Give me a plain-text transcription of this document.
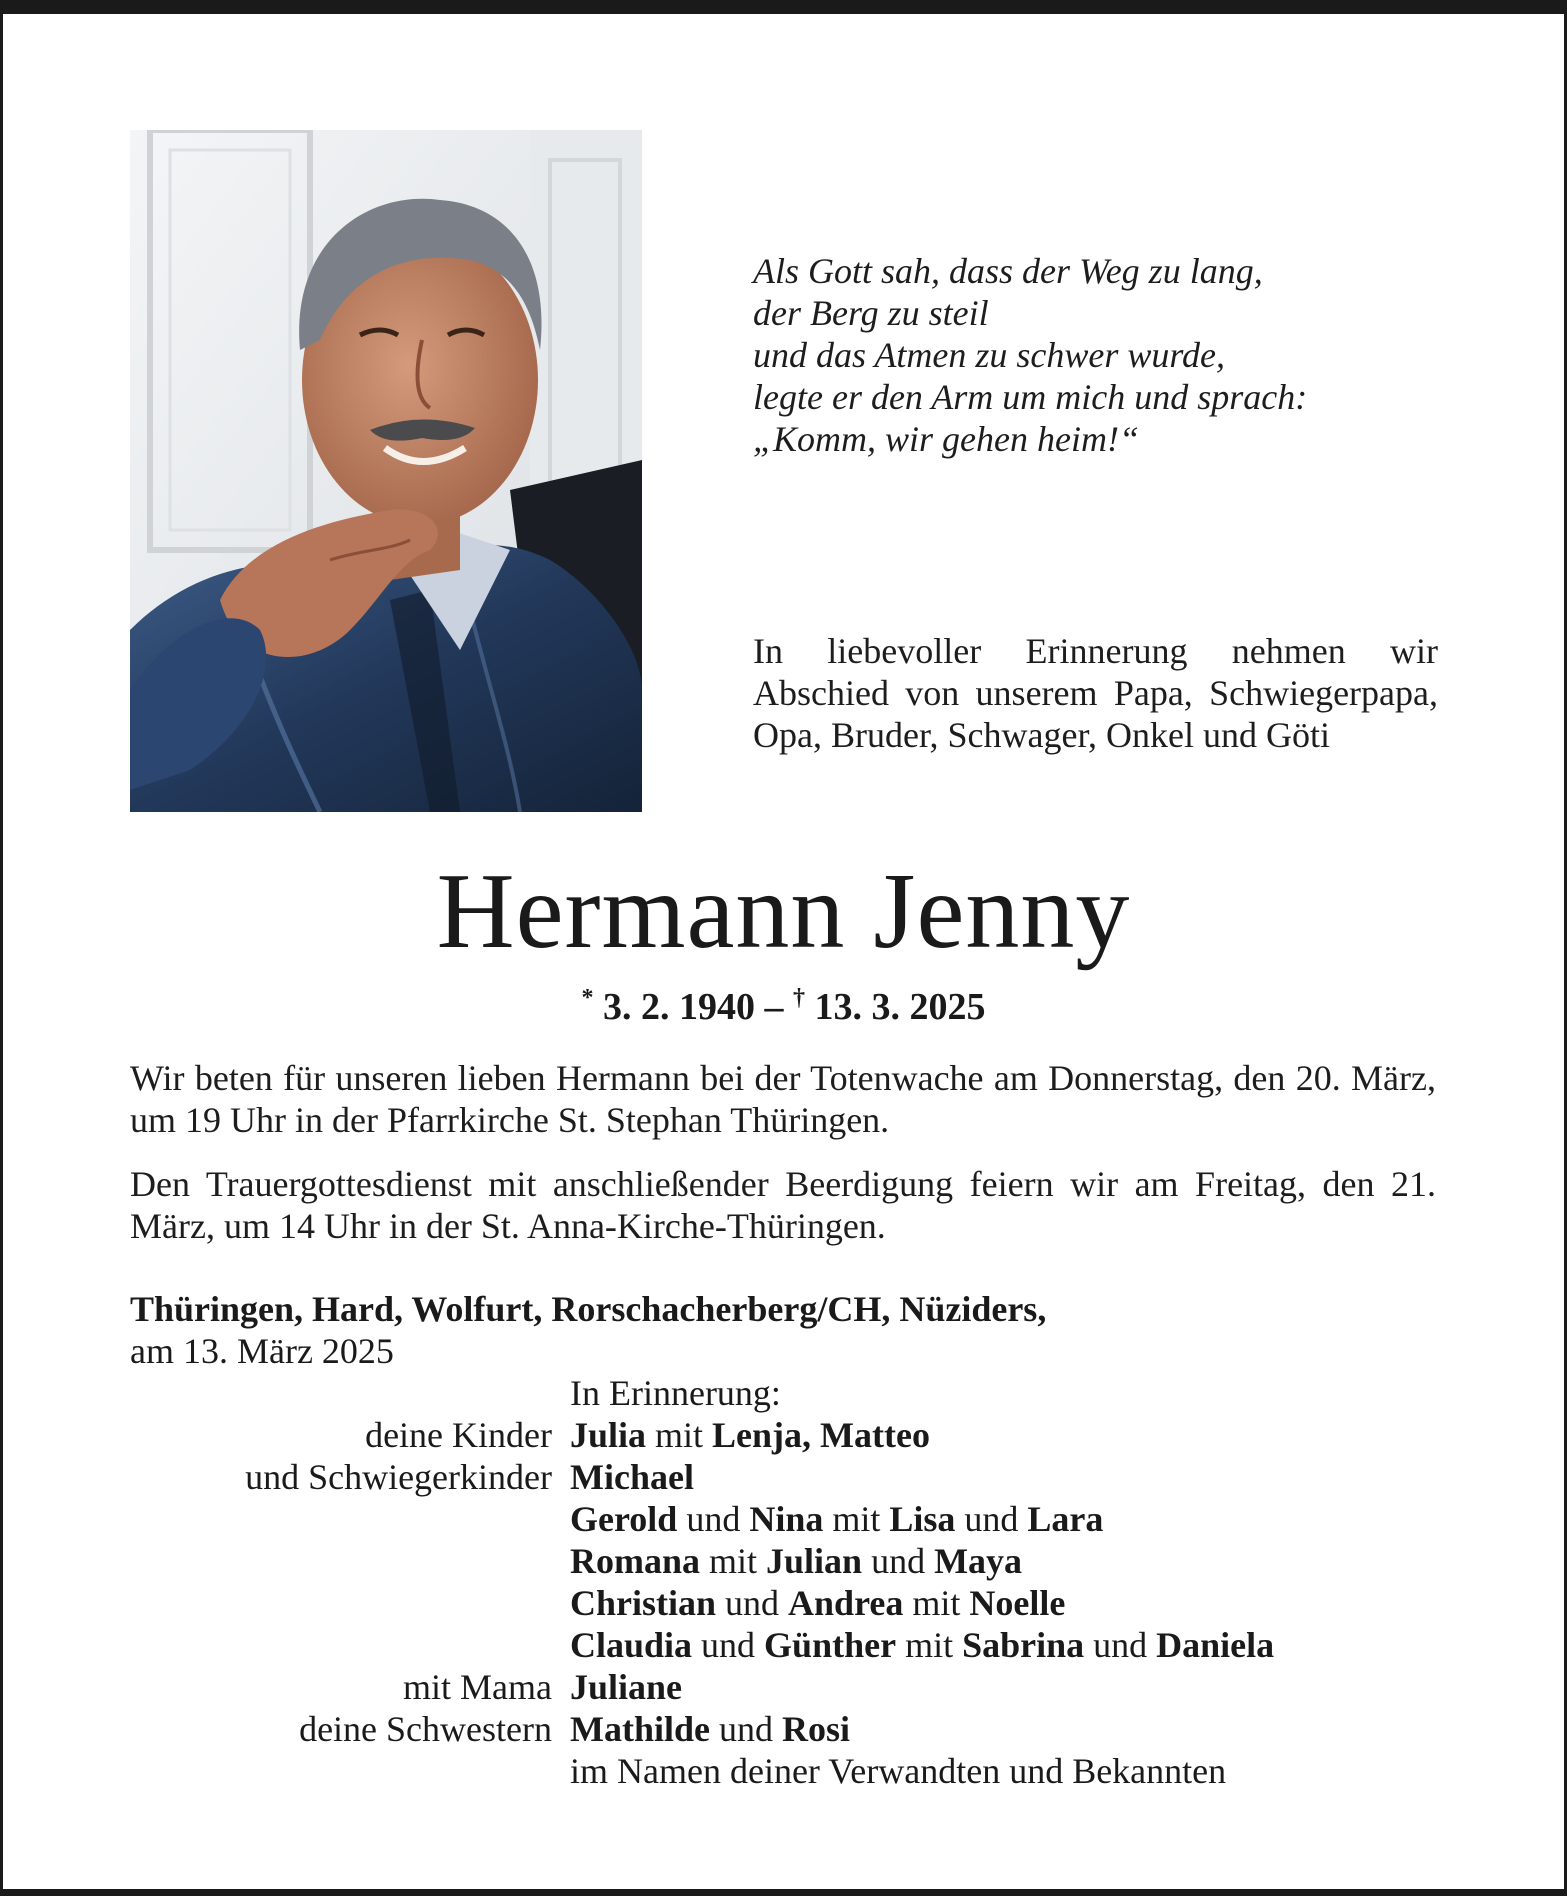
Als Gott sah, dass der Weg zu lang,
der Berg zu steil
und das Atmen zu schwer wurde,
legte er den Arm um mich und sprach:
„Komm, wir gehen heim!“
In liebevoller Erinnerung nehmen wir Abschied von unserem Papa, Schwiegerpapa, Opa, Bruder, Schwager, Onkel und Göti
Hermann Jenny
* 3. 2. 1940 – † 13. 3. 2025
Wir beten für unseren lieben Hermann bei der Totenwache am Donnerstag, den 20. März, um 19 Uhr in der Pfarrkirche St. Stephan Thüringen.
Den Trauergottesdienst mit anschließender Beerdigung feiern wir am Freitag, den 21. März, um 14 Uhr in der St. Anna-Kirche-Thüringen.
Thüringen, Hard, Wolfurt, Rorschacherberg/CH, Nüziders,
am 13. März 2025
In Erinnerung:
deine Kinder Julia mit Lenja, Matteo
und Schwiegerkinder Michael
Gerold und Nina mit Lisa und Lara
Romana mit Julian und Maya
Christian und Andrea mit Noelle
Claudia und Günther mit Sabrina und Daniela
mit Mama Juliane
deine Schwestern Mathilde und Rosi
im Namen deiner Verwandten und Bekannten
